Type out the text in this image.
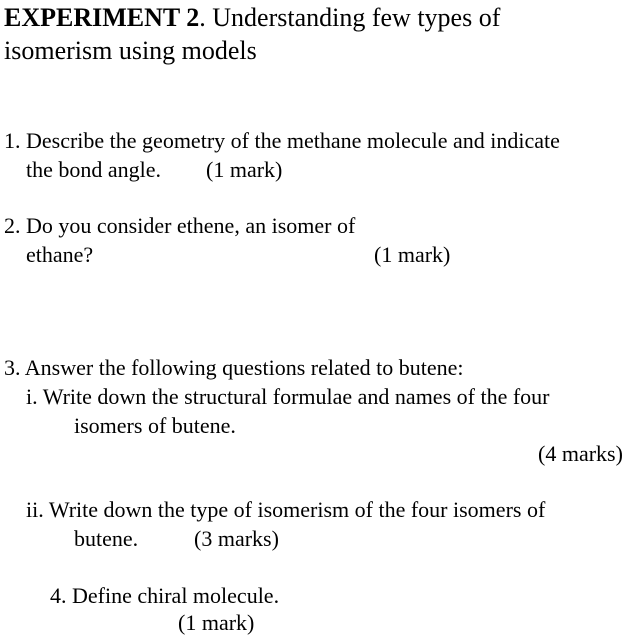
EXPERIMENT 2. Understanding few types of
isomerism using models
1. Describe the geometry of the methane molecule and indicate
the bond angle. (1 mark)
2. Do you consider ethene, an isomer of
ethane?	(1 mark)
3. Answer the following questions related to butene:
i. Write down the structural formulae and names of the four
isomers of butene.
(4 marks)
ii. Write down the type of isomerism of the four isomers of
butene.	(3 marks)
4. Define chiral molecule.
(1 mark)
